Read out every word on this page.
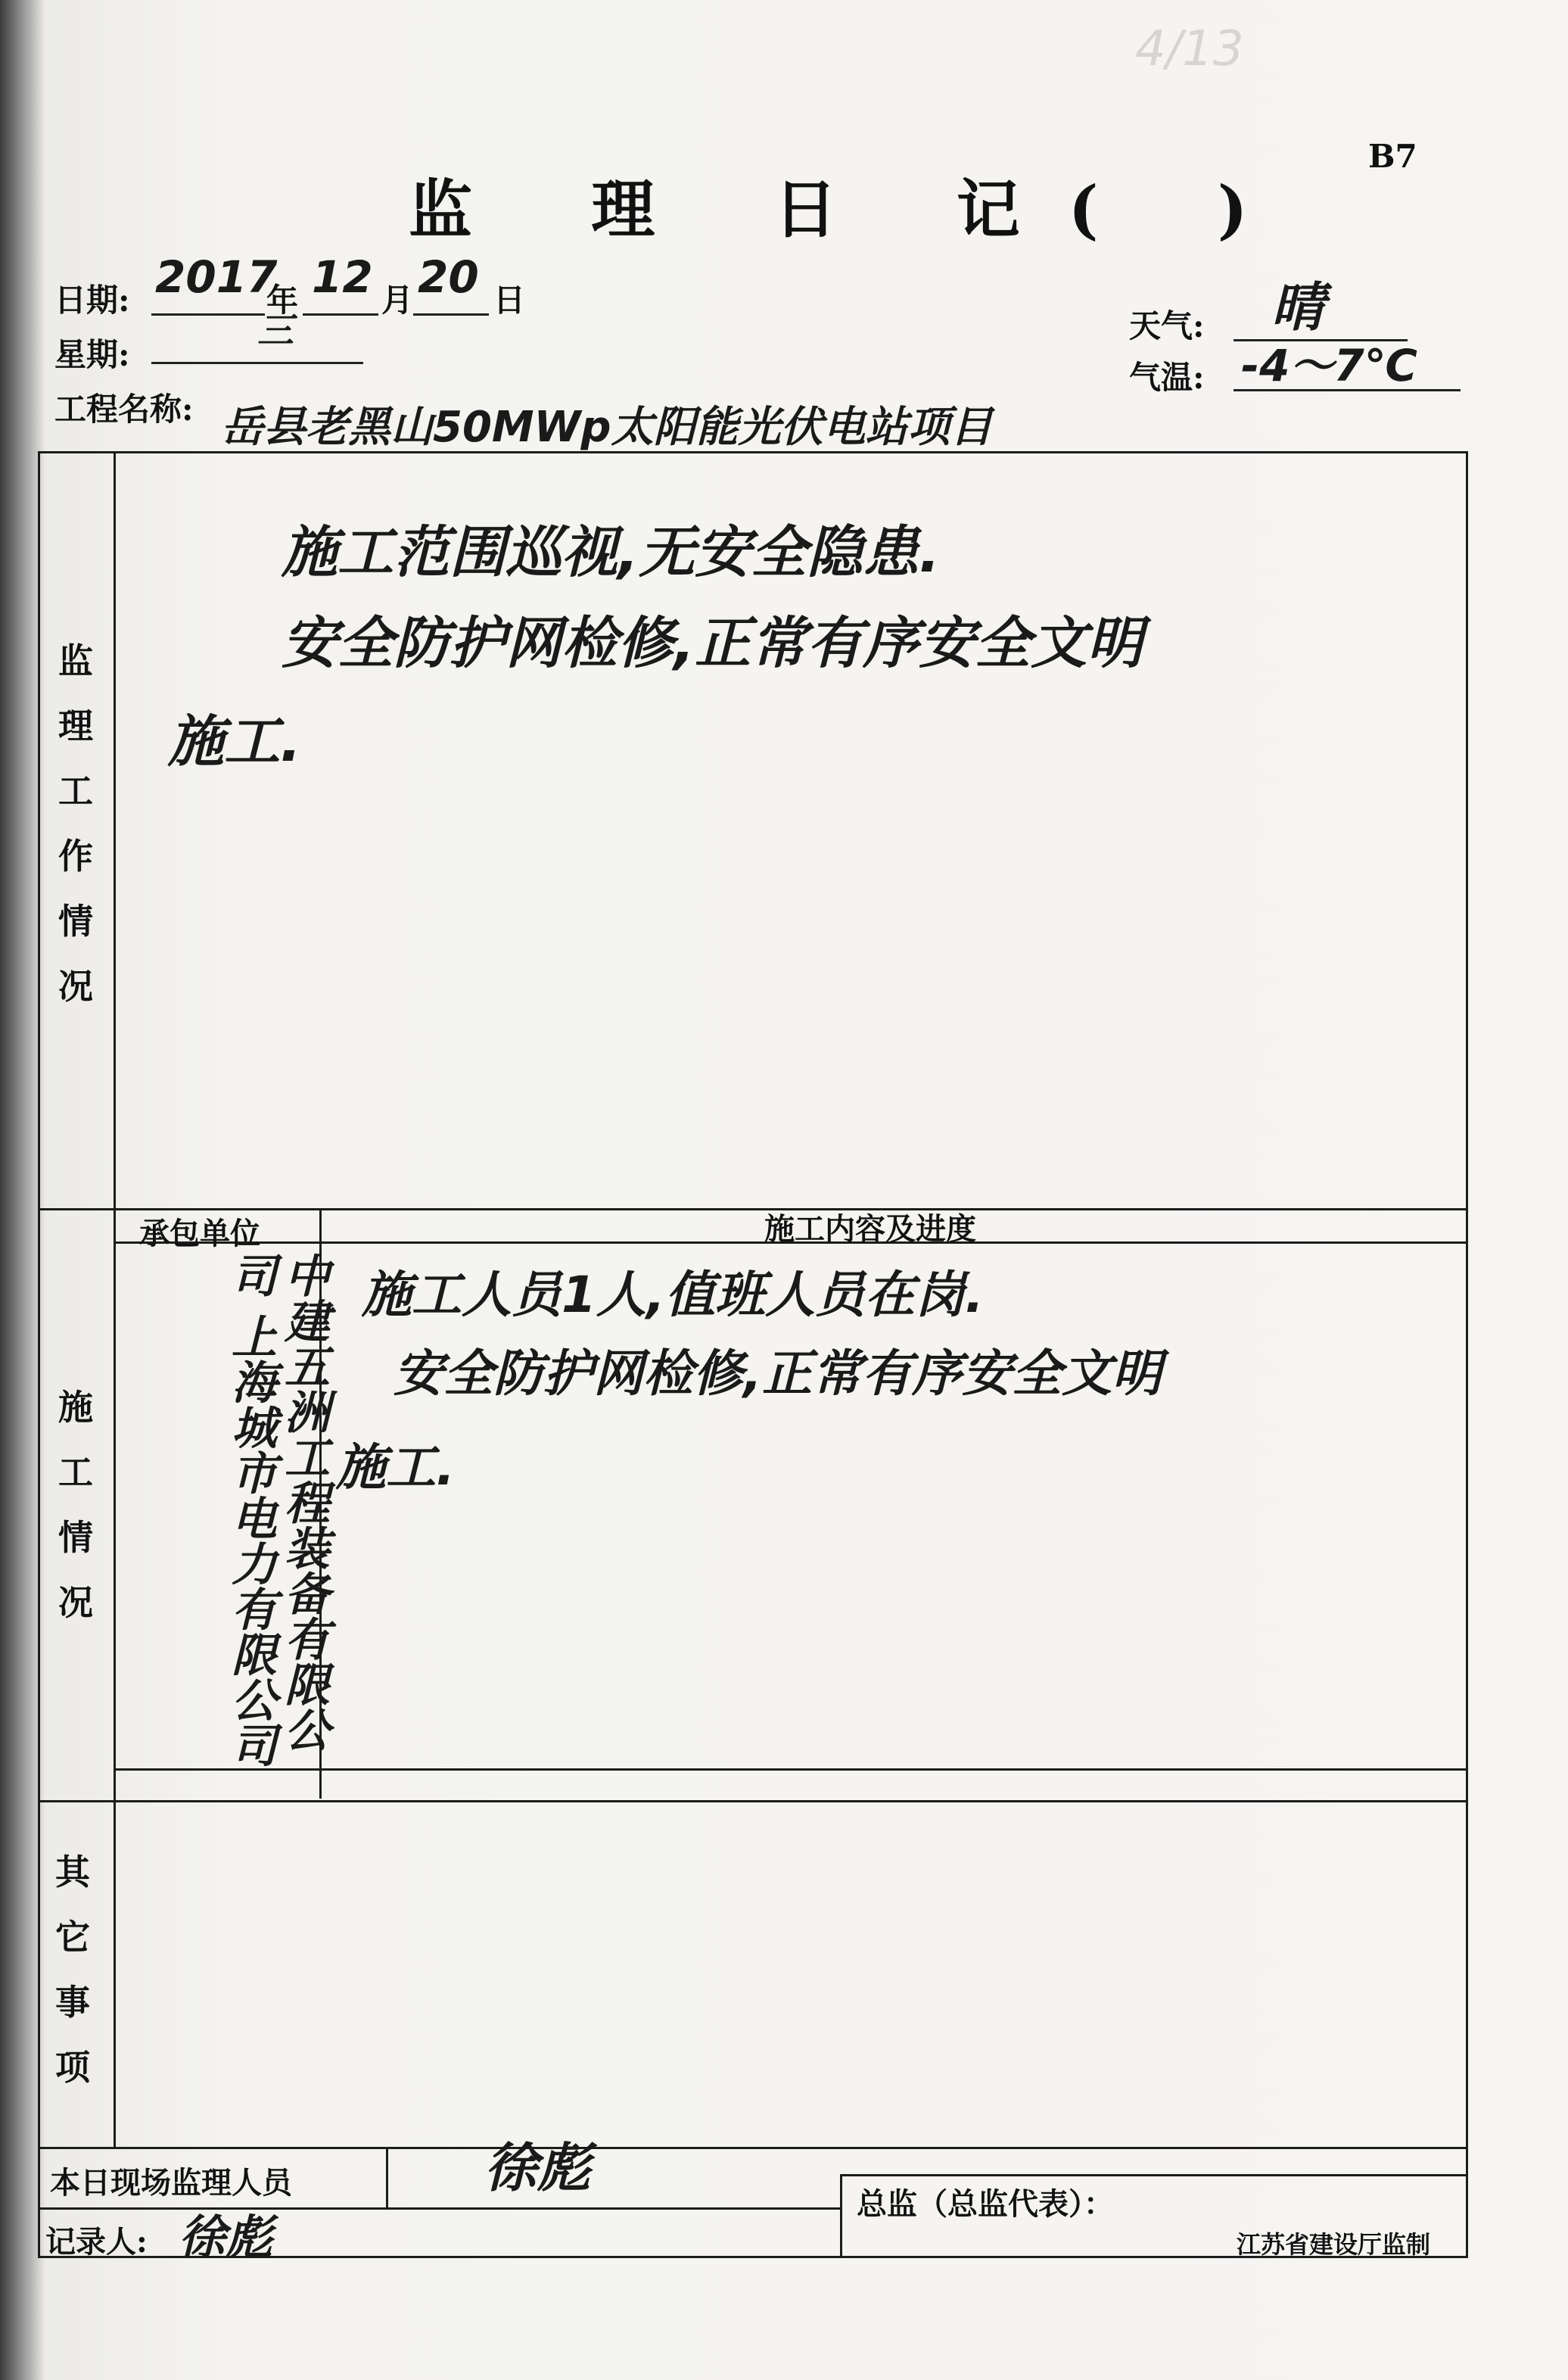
4/13
监 理 日 记( )
B7
日期: 2017
年 12 月 20 日
星期:
三	天气: 晴
气温: -4～7℃
工程名称: 岳县老黑山50MWp太阳能光伏电站项目
监理工作情况
施工范围巡视,无安全隐患.
安全防护网检修,正常有序安全文明
施工.
承包单位	施工内容及进度
施工情况	中建五洲工程装备有限公司 上海城市电力有限公司	施工人员1人,值班人员在岗.
安全防护网检修,正常有序安全文明
施工.
其它事项
本日现场监理人员	徐彪
总监（总监代表）：
记录人: 徐彪	江苏省建设厅监制
